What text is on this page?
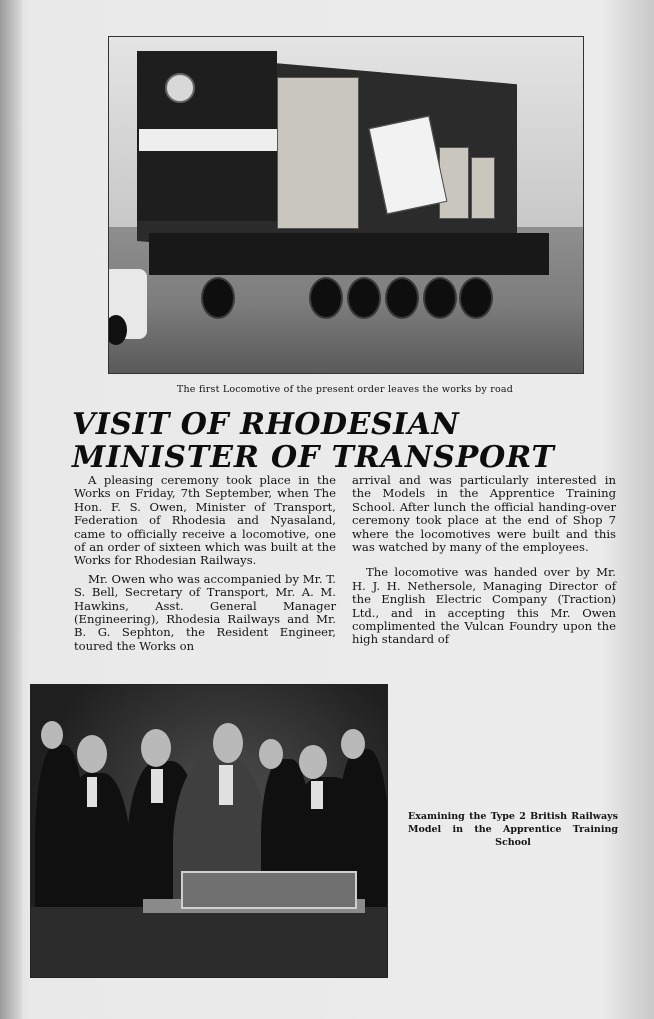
The first Locomotive of the present order leaves the works by road
VISIT OF RHODESIAN
MINISTER OF TRANSPORT

A pleasing ceremony took place in the Works on Friday, 7th September, when The Hon. F. S. Owen, Minister of Transport, Federation of Rhodesia and Nyasaland, came to officially receive a locomotive, one of an order of sixteen which was built at the Works for Rhodesian Railways.

Mr. Owen who was accompanied by Mr. T. S. Bell, Secretary of Transport, Mr. A. M. Hawkins, Asst. General Manager (Engineering), Rhodesia Railways and Mr. B. G. Sephton, the Resident Engineer, toured the Works on

arrival and was particularly interested in the Models in the Apprentice Training School. After lunch the official handing-over ceremony took place at the end of Shop 7 where the locomotives were built and this was watched by many of the employees.

The locomotive was handed over by Mr. H. J. H. Nethersole, Managing Director of the English Electric Company (Traction) Ltd., and in accepting this Mr. Owen complimented the Vulcan Foundry upon the high standard of

Examining the Type 2 British Railways Model in the Apprentice Training School
